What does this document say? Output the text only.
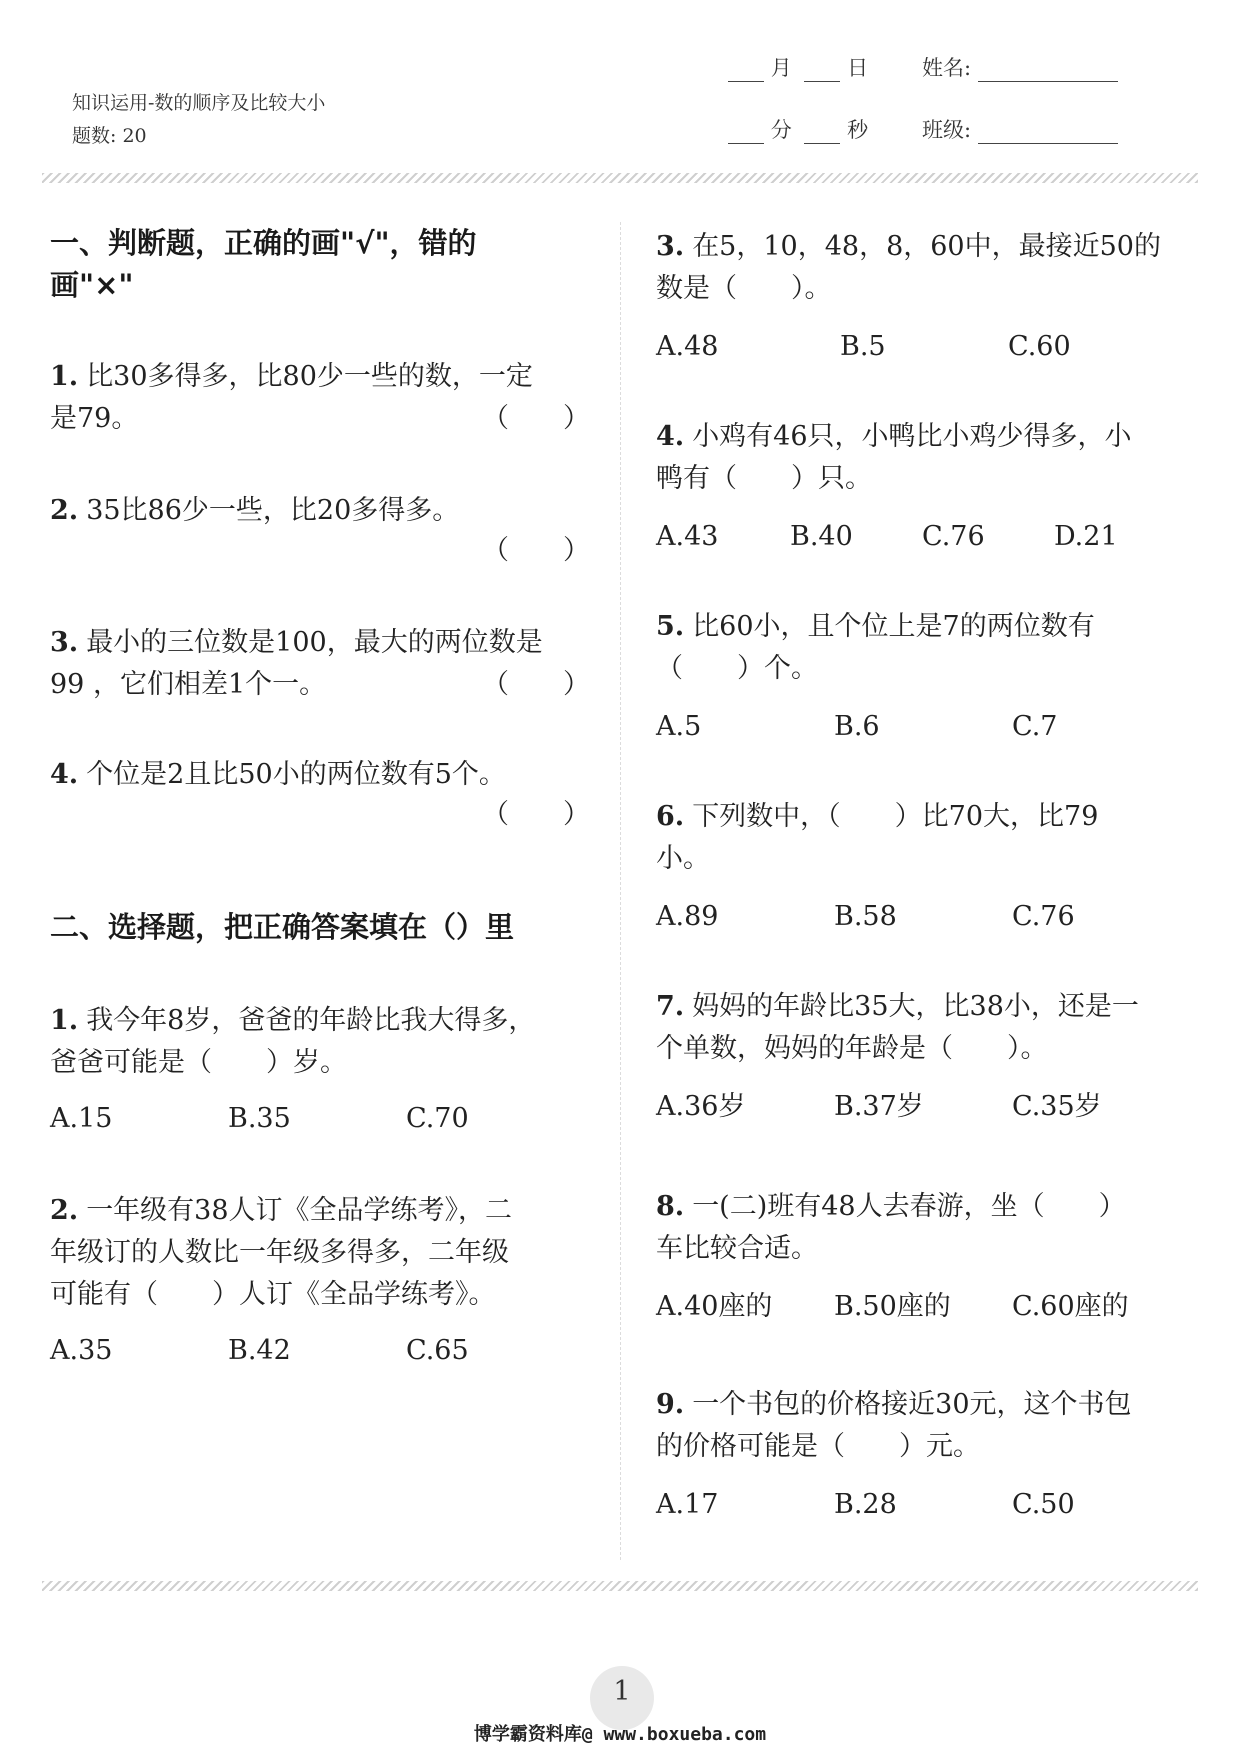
知识运用-数的顺序及比较大小
题数: 20
月	日	姓名:
分	秒	班级:
一、判断题，正确的画"√"，错的
画"×"
1. 比30多得多，比80少一些的数，一定
是79。	（　　）
2. 35比86少一些，比20多得多。
（　　）
3. 最小的三位数是100，最大的两位数是
99 ，它们相差1个一。	（　　）
4. 个位是2且比50小的两位数有5个。
（　　）
二、选择题，把正确答案填在（）里
1. 我今年8岁，爸爸的年龄比我大得多，
爸爸可能是（　　）岁。
A.15	B.35	C.70
2. 一年级有38人订《全品学练考》，二
年级订的人数比一年级多得多，二年级
可能有（　　）人订《全品学练考》。
A.35	B.42	C.65
3. 在5，10，48，8，60中，最接近50的
数是（　　）。
A.48	B.5	C.60
4. 小鸡有46只，小鸭比小鸡少得多，小
鸭有（　　）只。
A.43	B.40	C.76	D.21
5. 比60小，且个位上是7的两位数有
（　　）个。
A.5	B.6	C.7
6. 下列数中，（　　）比70大，比79
小。
A.89	B.58	C.76
7. 妈妈的年龄比35大，比38小，还是一
个单数，妈妈的年龄是（　　）。
A.36岁	B.37岁	C.35岁
8. 一(二)班有48人去春游，坐（　　）
车比较合适。
A.40座的 B.50座的 C.60座的
9. 一个书包的价格接近30元，这个书包
的价格可能是（　　）元。
A.17	B.28	C.50
1
博学霸资料库@ www.boxueba.com
